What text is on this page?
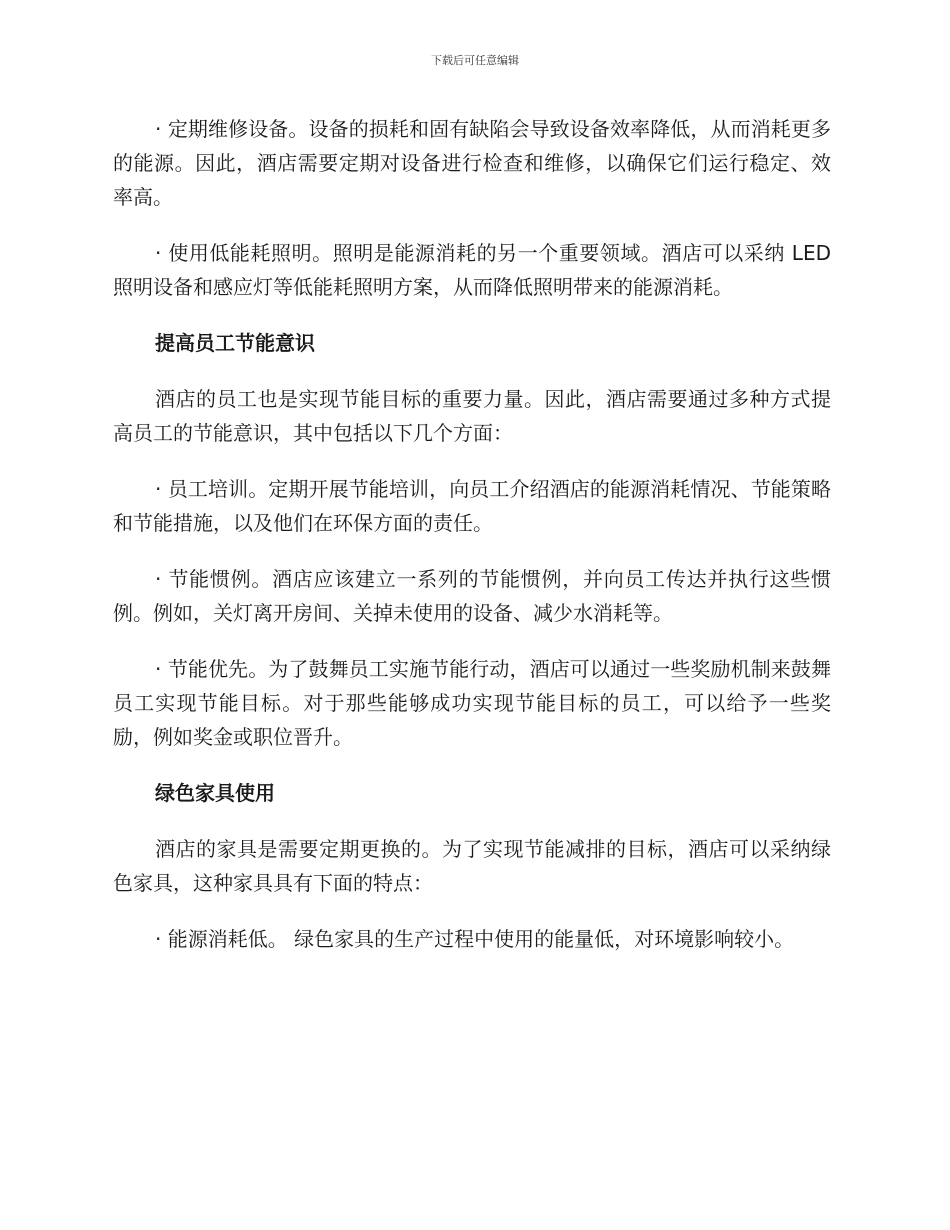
下载后可任意编辑

· 定期维修设备。设备的损耗和固有缺陷会导致设备效率降低，从而消耗更多的能源。因此，酒店需要定期对设备进行检查和维修，以确保它们运行稳定、效率高。

· 使用低能耗照明。照明是能源消耗的另一个重要领域。酒店可以采纳 LED 照明设备和感应灯等低能耗照明方案，从而降低照明带来的能源消耗。

提高员工节能意识

酒店的员工也是实现节能目标的重要力量。因此，酒店需要通过多种方式提高员工的节能意识，其中包括以下几个方面：

· 员工培训。定期开展节能培训，向员工介绍酒店的能源消耗情况、节能策略和节能措施，以及他们在环保方面的责任。

· 节能惯例。酒店应该建立一系列的节能惯例，并向员工传达并执行这些惯例。例如，关灯离开房间、关掉未使用的设备、减少水消耗等。

· 节能优先。为了鼓舞员工实施节能行动，酒店可以通过一些奖励机制来鼓舞员工实现节能目标。对于那些能够成功实现节能目标的员工，可以给予一些奖励，例如奖金或职位晋升。

绿色家具使用

酒店的家具是需要定期更换的。为了实现节能减排的目标，酒店可以采纳绿色家具，这种家具具有下面的特点：

· 能源消耗低。 绿色家具的生产过程中使用的能量低，对环境影响较小。
